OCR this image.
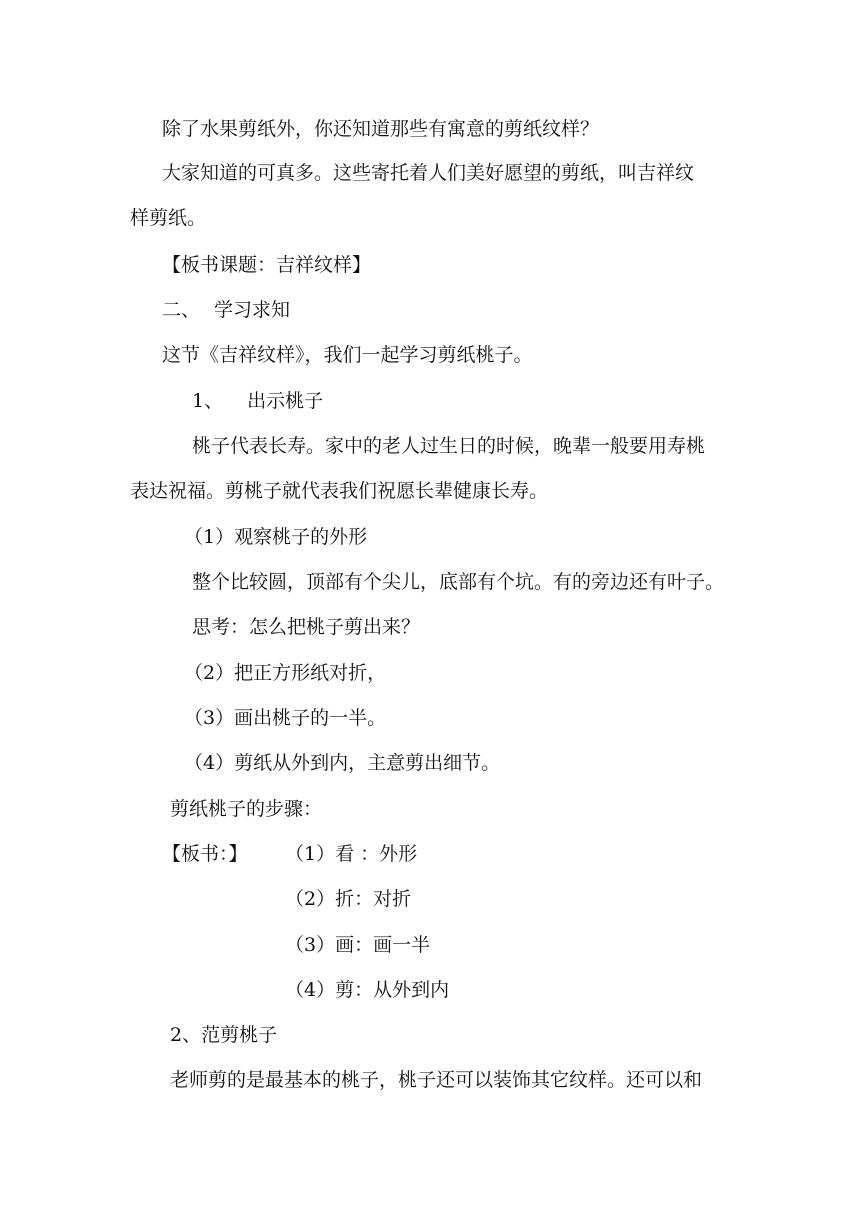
除了水果剪纸外，你还知道那些有寓意的剪纸纹样？
大家知道的可真多。这些寄托着人们美好愿望的剪纸，叫吉祥纹
样剪纸。
【板书课题：吉祥纹样】
二、 学习求知
这节《吉祥纹样》，我们一起学习剪纸桃子。
1、 出示桃子
桃子代表长寿。家中的老人过生日的时候，晚辈一般要用寿桃
表达祝福。剪桃子就代表我们祝愿长辈健康长寿。
（1）观察桃子的外形
整个比较圆，顶部有个尖儿，底部有个坑。有的旁边还有叶子。
思考：怎么把桃子剪出来？
（2）把正方形纸对折，
（3）画出桃子的一半。
（4）剪纸从外到内，主意剪出细节。
剪纸桃子的步骤：
【板书：】 （1）看 ：外形
（2）折：对折
（3）画：画一半
（4）剪：从外到内
2、范剪桃子
老师剪的是最基本的桃子，桃子还可以装饰其它纹样。还可以和
